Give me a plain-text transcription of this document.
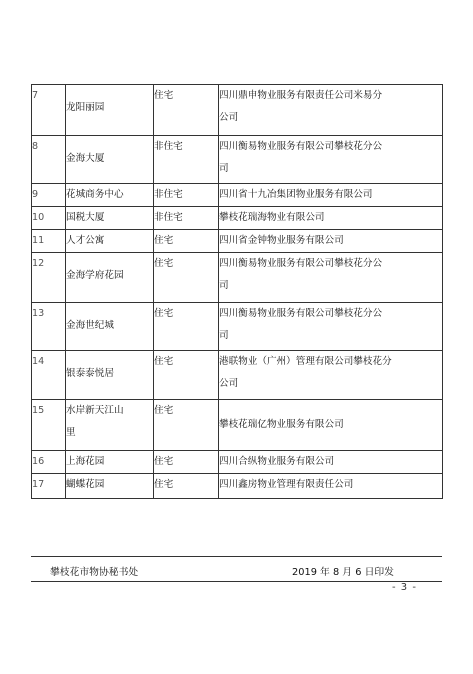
7	龙阳丽园	住宅	四川鼎申物业服务有限责任公司米易分
公司

8	金海大厦	非住宅	四川衡易物业服务有限公司攀枝花分公
司

9	花城商务中心	非住宅	四川省十九冶集团物业服务有限公司

10	国税大厦	非住宅	攀枝花瑞海物业有限公司

11	人才公寓	住宅	四川省金钟物业服务有限公司

12	金海学府花园	住宅	四川衡易物业服务有限公司攀枝花分公
司

13	金海世纪城	住宅	四川衡易物业服务有限公司攀枝花分公
司

14	银泰泰悦居	住宅	港联物业（广州）管理有限公司攀枝花分
公司

15	水岸新天江山
里	住宅	攀枝花瑞亿物业服务有限公司

16	上海花园	住宅	四川合纵物业服务有限公司

17	蝴蝶花园	住宅	四川鑫房物业管理有限责任公司
攀枝花市物协秘书处	2019 年 8 月 6 日印发
- 3 -
